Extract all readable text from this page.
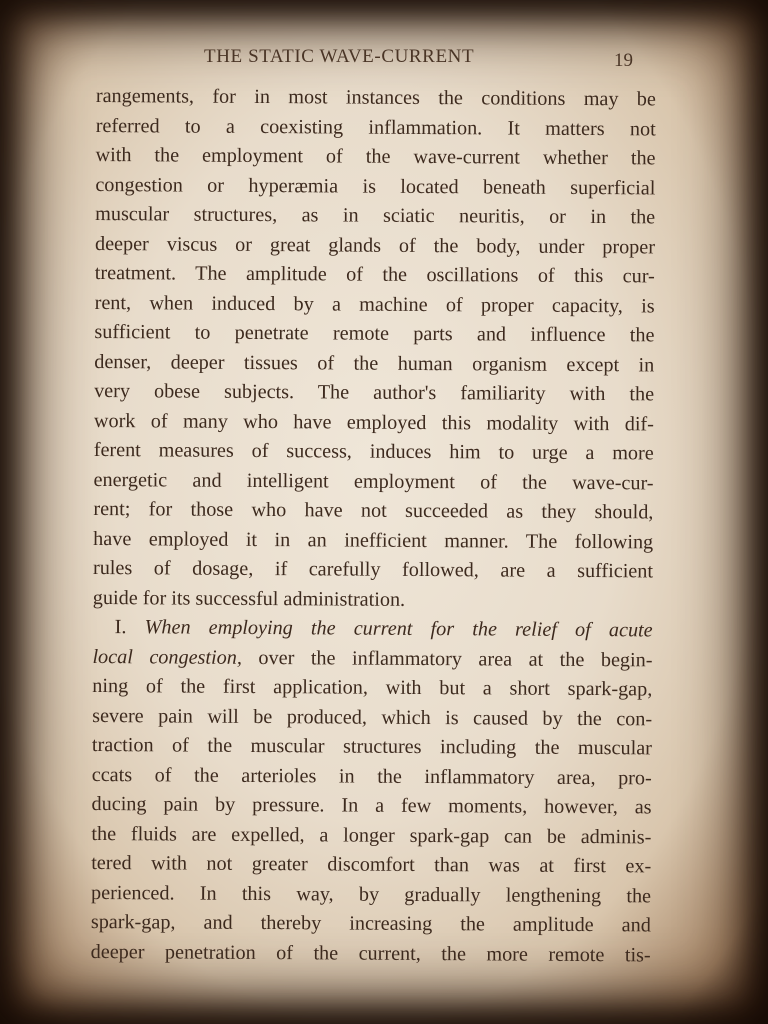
THE STATIC WAVE-CURRENT	19
rangements, for in most instances the conditions may be
referred to a coexisting inflammation. It matters not
with the employment of the wave-current whether the
congestion or hyperæmia is located beneath superficial
muscular structures, as in sciatic neuritis, or in the
deeper viscus or great glands of the body, under proper
treatment. The amplitude of the oscillations of this cur-
rent, when induced by a machine of proper capacity, is
sufficient to penetrate remote parts and influence the
denser, deeper tissues of the human organism except in
very obese subjects. The author's familiarity with the
work of many who have employed this modality with dif-
ferent measures of success, induces him to urge a more
energetic and intelligent employment of the wave-cur-
rent; for those who have not succeeded as they should,
have employed it in an inefficient manner. The following
rules of dosage, if carefully followed, are a sufficient
guide for its successful administration.
I. When employing the current for the relief of acute
local congestion, over the inflammatory area at the begin-
ning of the first application, with but a short spark-gap,
severe pain will be produced, which is caused by the con-
traction of the muscular structures including the muscular
ccats of the arterioles in the inflammatory area, pro-
ducing pain by pressure. In a few moments, however, as
the fluids are expelled, a longer spark-gap can be adminis-
tered with not greater discomfort than was at first ex-
perienced. In this way, by gradually lengthening the
spark-gap, and thereby increasing the amplitude and
deeper penetration of the current, the more remote tis-
